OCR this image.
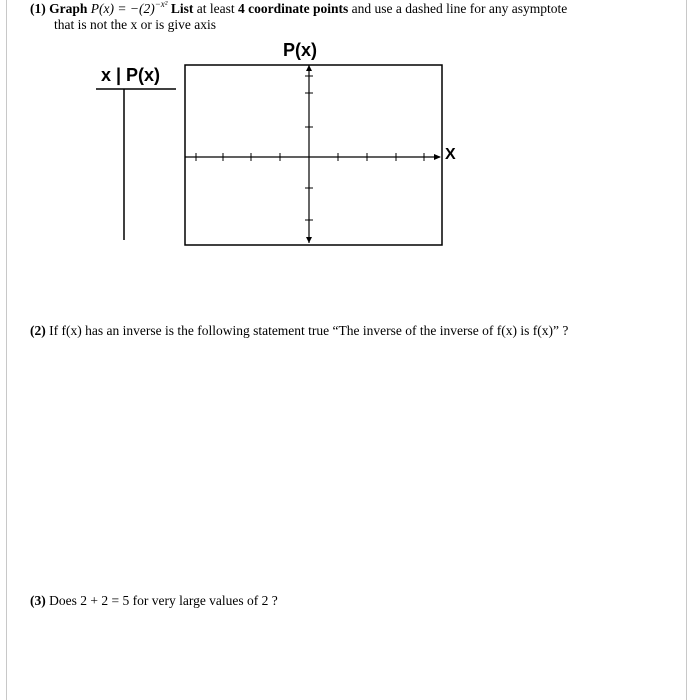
(1) Graph $P(x) = -(2)^{-x^2}$ List at least 4 coordinate points and use a dashed line for any asymptote
that is not the x or is give axis
x | P(x)
P(x)
X
(2) If f(x) has an inverse is the following statement true “The inverse of the inverse of f(x) is f(x)” ?
(3) Does 2 + 2 = 5 for very large values of 2 ?
